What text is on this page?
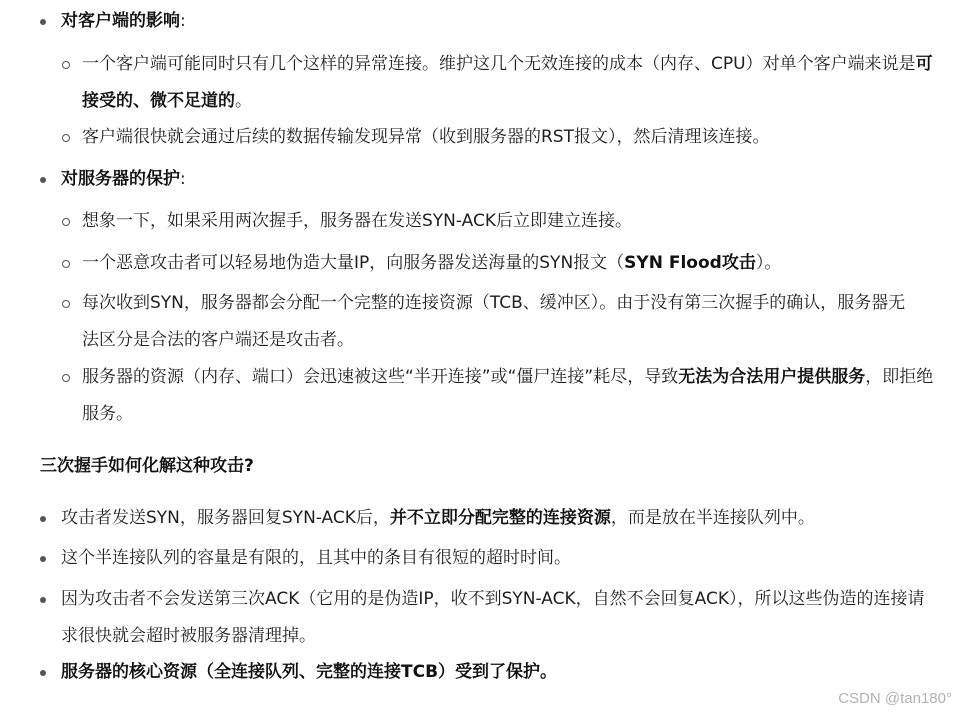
对客户端的影响:
一个客户端可能同时只有几个这样的异常连接。维护这几个无效连接的成本（内存、CPU）对单个客户端来说是可接受的、微不足道的。
客户端很快就会通过后续的数据传输发现异常（收到服务器的RST报文），然后清理该连接。
对服务器的保护:
想象一下，如果采用两次握手，服务器在发送SYN-ACK后立即建立连接。
一个恶意攻击者可以轻易地伪造大量IP，向服务器发送海量的SYN报文（SYN Flood攻击）。
每次收到SYN，服务器都会分配一个完整的连接资源（TCB、缓冲区）。由于没有第三次握手的确认，服务器无法区分是合法的客户端还是攻击者。
服务器的资源（内存、端口）会迅速被这些“半开连接”或“僵尸连接”耗尽，导致无法为合法用户提供服务，即拒绝服务。
三次握手如何化解这种攻击?
攻击者发送SYN，服务器回复SYN-ACK后，并不立即分配完整的连接资源，而是放在半连接队列中。
这个半连接队列的容量是有限的，且其中的条目有很短的超时时间。
因为攻击者不会发送第三次ACK（它用的是伪造IP，收不到SYN-ACK，自然不会回复ACK），所以这些伪造的连接请求很快就会超时被服务器清理掉。
服务器的核心资源（全连接队列、完整的连接TCB）受到了保护。
CSDN @tan180°
